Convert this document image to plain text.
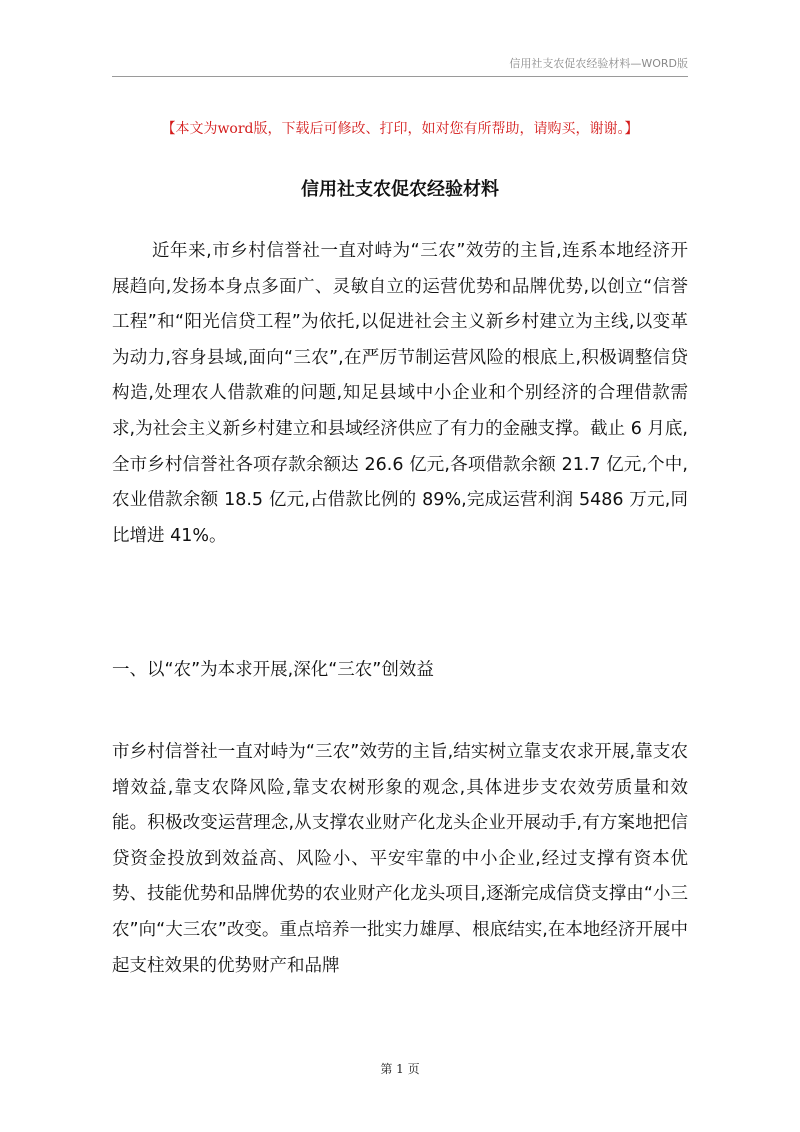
信用社支农促农经验材料—WORD版
【本文为word版，下载后可修改、打印，如对您有所帮助，请购买，谢谢。】
信用社支农促农经验材料

近年来,市乡村信誉社一直对峙为“三农”效劳的主旨,连系本地经济开展趋向,发扬本身点多面广、灵敏自立的运营优势和品牌优势,以创立“信誉工程”和“阳光信贷工程”为依托,以促进社会主义新乡村建立为主线,以变革为动力,容身县域,面向“三农”,在严厉节制运营风险的根底上,积极调整信贷构造,处理农人借款难的问题,知足县域中小企业和个别经济的合理借款需求,为社会主义新乡村建立和县域经济供应了有力的金融支撑。截止 6 月底,全市乡村信誉社各项存款余额达 26.6 亿元,各项借款余额 21.7 亿元,个中,农业借款余额 18.5 亿元,占借款比例的 89%,完成运营利润 5486 万元,同比增进 41%。

一、以“农”为本求开展,深化“三农”创效益

市乡村信誉社一直对峙为“三农”效劳的主旨,结实树立靠支农求开展,靠支农增效益,靠支农降风险,靠支农树形象的观念,具体进步支农效劳质量和效能。积极改变运营理念,从支撑农业财产化龙头企业开展动手,有方案地把信贷资金投放到效益高、风险小、平安牢靠的中小企业,经过支撑有资本优势、技能优势和品牌优势的农业财产化龙头项目,逐渐完成信贷支撑由“小三农”向“大三农”改变。重点培养一批实力雄厚、根底结实,在本地经济开展中起支柱效果的优势财产和品牌

第 1 页
